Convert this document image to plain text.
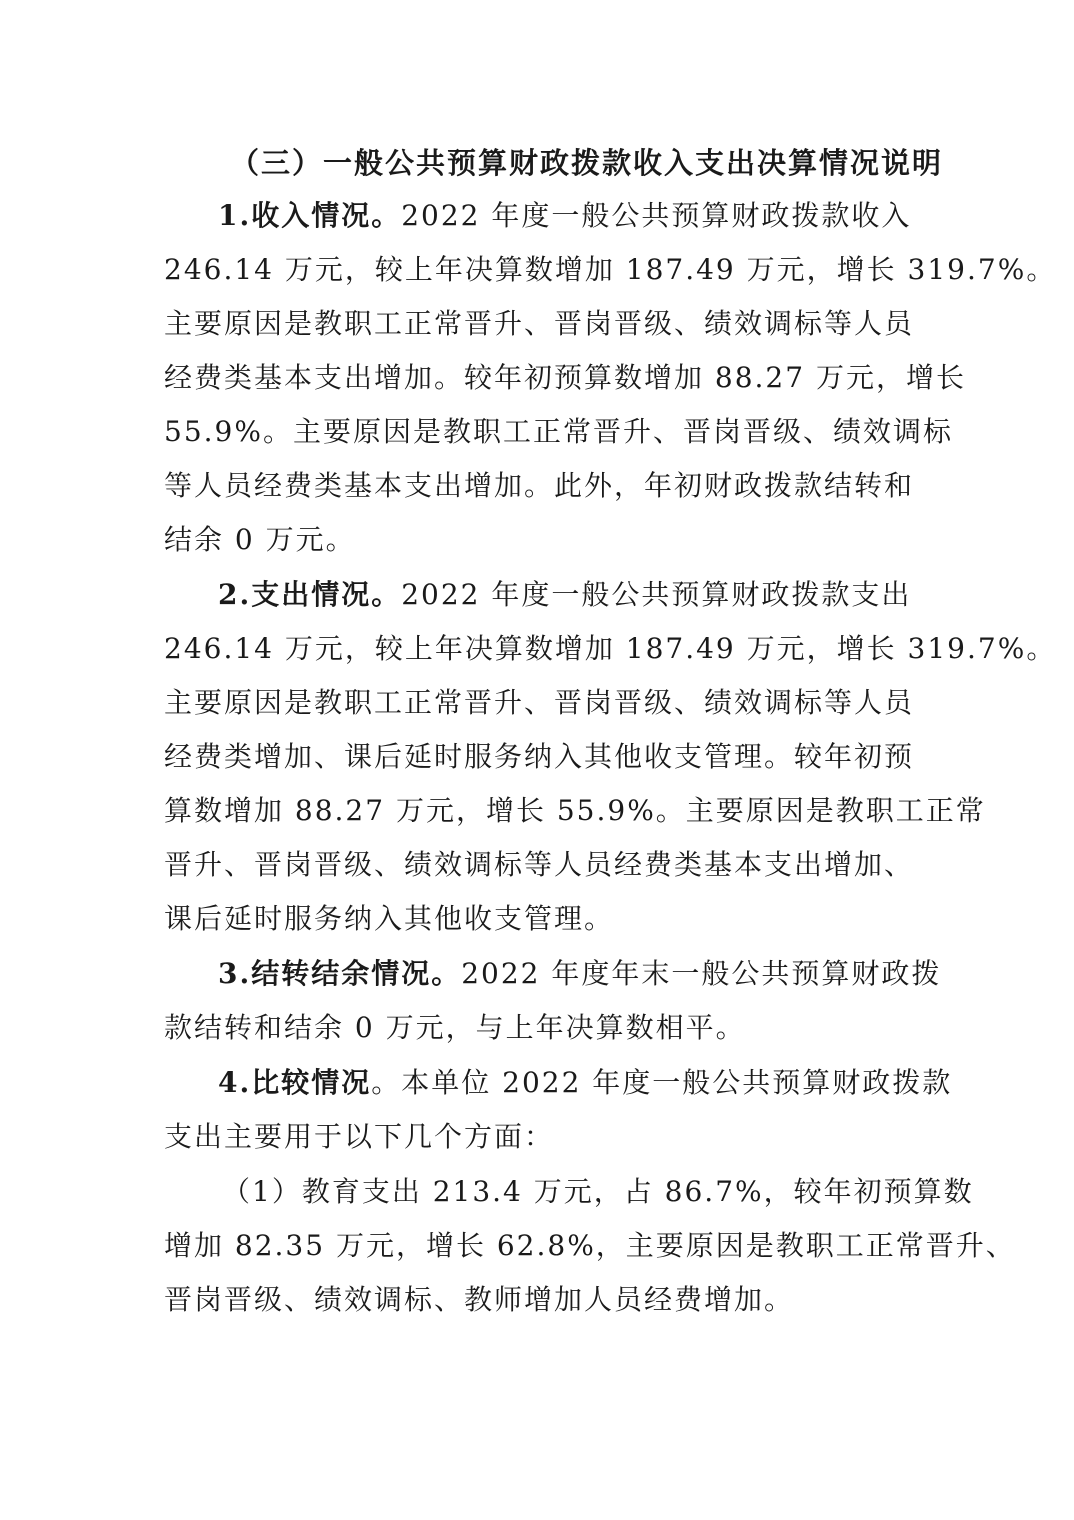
（三）一般公共预算财政拨款收入支出决算情况说明
1.收入情况。2022 年度一般公共预算财政拨款收入
246.14 万元，较上年决算数增加 187.49 万元，增长 319.7%。
主要原因是教职工正常晋升、晋岗晋级、绩效调标等人员
经费类基本支出增加。较年初预算数增加 88.27 万元，增长
55.9%。主要原因是教职工正常晋升、晋岗晋级、绩效调标
等人员经费类基本支出增加。此外，年初财政拨款结转和
结余 0 万元。
2.支出情况。2022 年度一般公共预算财政拨款支出
246.14 万元，较上年决算数增加 187.49 万元，增长 319.7%。
主要原因是教职工正常晋升、晋岗晋级、绩效调标等人员
经费类增加、课后延时服务纳入其他收支管理。较年初预
算数增加 88.27 万元，增长 55.9%。主要原因是教职工正常
晋升、晋岗晋级、绩效调标等人员经费类基本支出增加、
课后延时服务纳入其他收支管理。
3.结转结余情况。2022 年度年末一般公共预算财政拨
款结转和结余 0 万元，与上年决算数相平。
4.比较情况。本单位 2022 年度一般公共预算财政拨款
支出主要用于以下几个方面：
（1）教育支出 213.4 万元，占 86.7%，较年初预算数
增加 82.35 万元，增长 62.8%，主要原因是教职工正常晋升、
晋岗晋级、绩效调标、教师增加人员经费增加。
